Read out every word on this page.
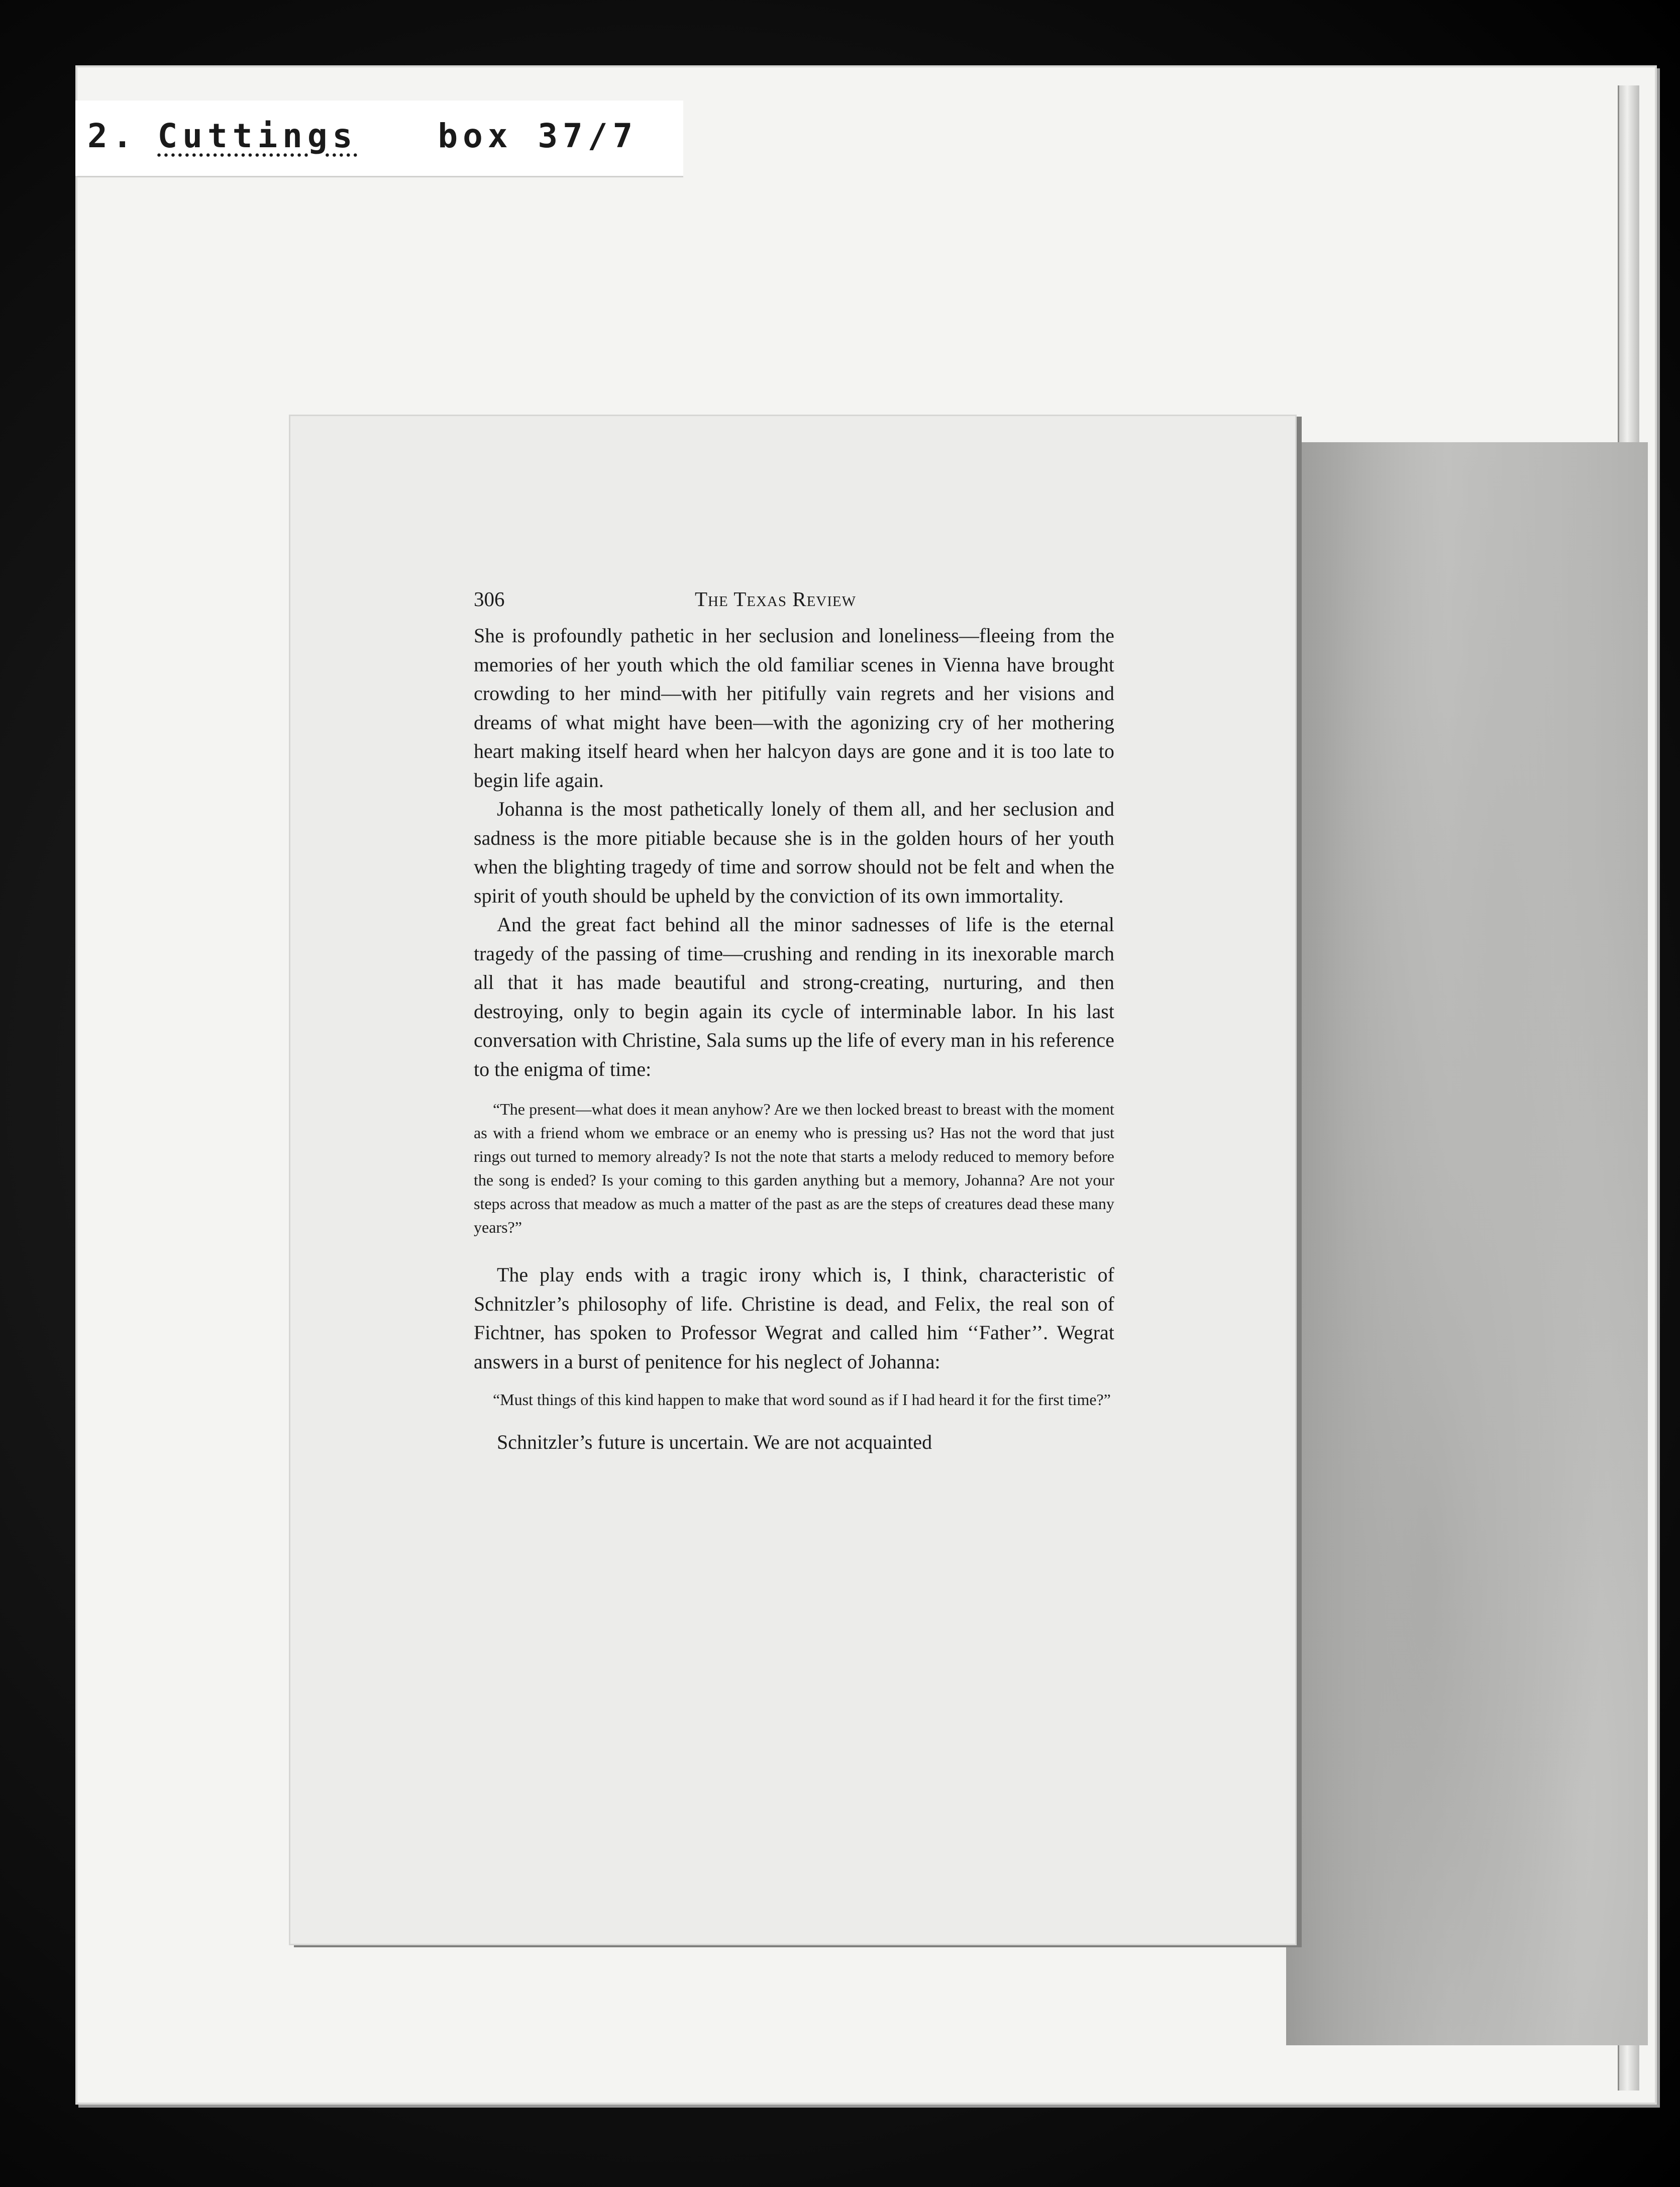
2. Cuttings box 37/7
306	The Texas Review

She is profoundly pathetic in her seclusion and loneliness—fleeing from the memories of her youth which the old familiar scenes in Vienna have brought crowding to her mind—with her pitifully vain regrets and her visions and dreams of what might have been—with the agonizing cry of her mothering heart making itself heard when her halcyon days are gone and it is too late to begin life again.

Johanna is the most pathetically lonely of them all, and her seclusion and sadness is the more pitiable because she is in the golden hours of her youth when the blighting tragedy of time and sorrow should not be felt and when the spirit of youth should be upheld by the conviction of its own immortality.

And the great fact behind all the minor sadnesses of life is the eternal tragedy of the passing of time—crushing and rending in its inexorable march all that it has made beautiful and strong-creating, nurturing, and then destroying, only to begin again its cycle of interminable labor. In his last conversation with Christine, Sala sums up the life of every man in his reference to the enigma of time:

“The present—what does it mean anyhow? Are we then locked breast to breast with the moment as with a friend whom we embrace or an enemy who is pressing us? Has not the word that just rings out turned to memory already? Is not the note that starts a melody reduced to memory before the song is ended? Is your coming to this garden anything but a memory, Johanna? Are not your steps across that meadow as much a matter of the past as are the steps of creatures dead these many years?”

The play ends with a tragic irony which is, I think, characteristic of Schnitzler’s philosophy of life. Christine is dead, and Felix, the real son of Fichtner, has spoken to Professor Wegrat and called him ‘‘Father’’. Wegrat answers in a burst of penitence for his neglect of Johanna:

“Must things of this kind happen to make that word sound as if I had heard it for the first time?”

Schnitzler’s future is uncertain. We are not acquainted
